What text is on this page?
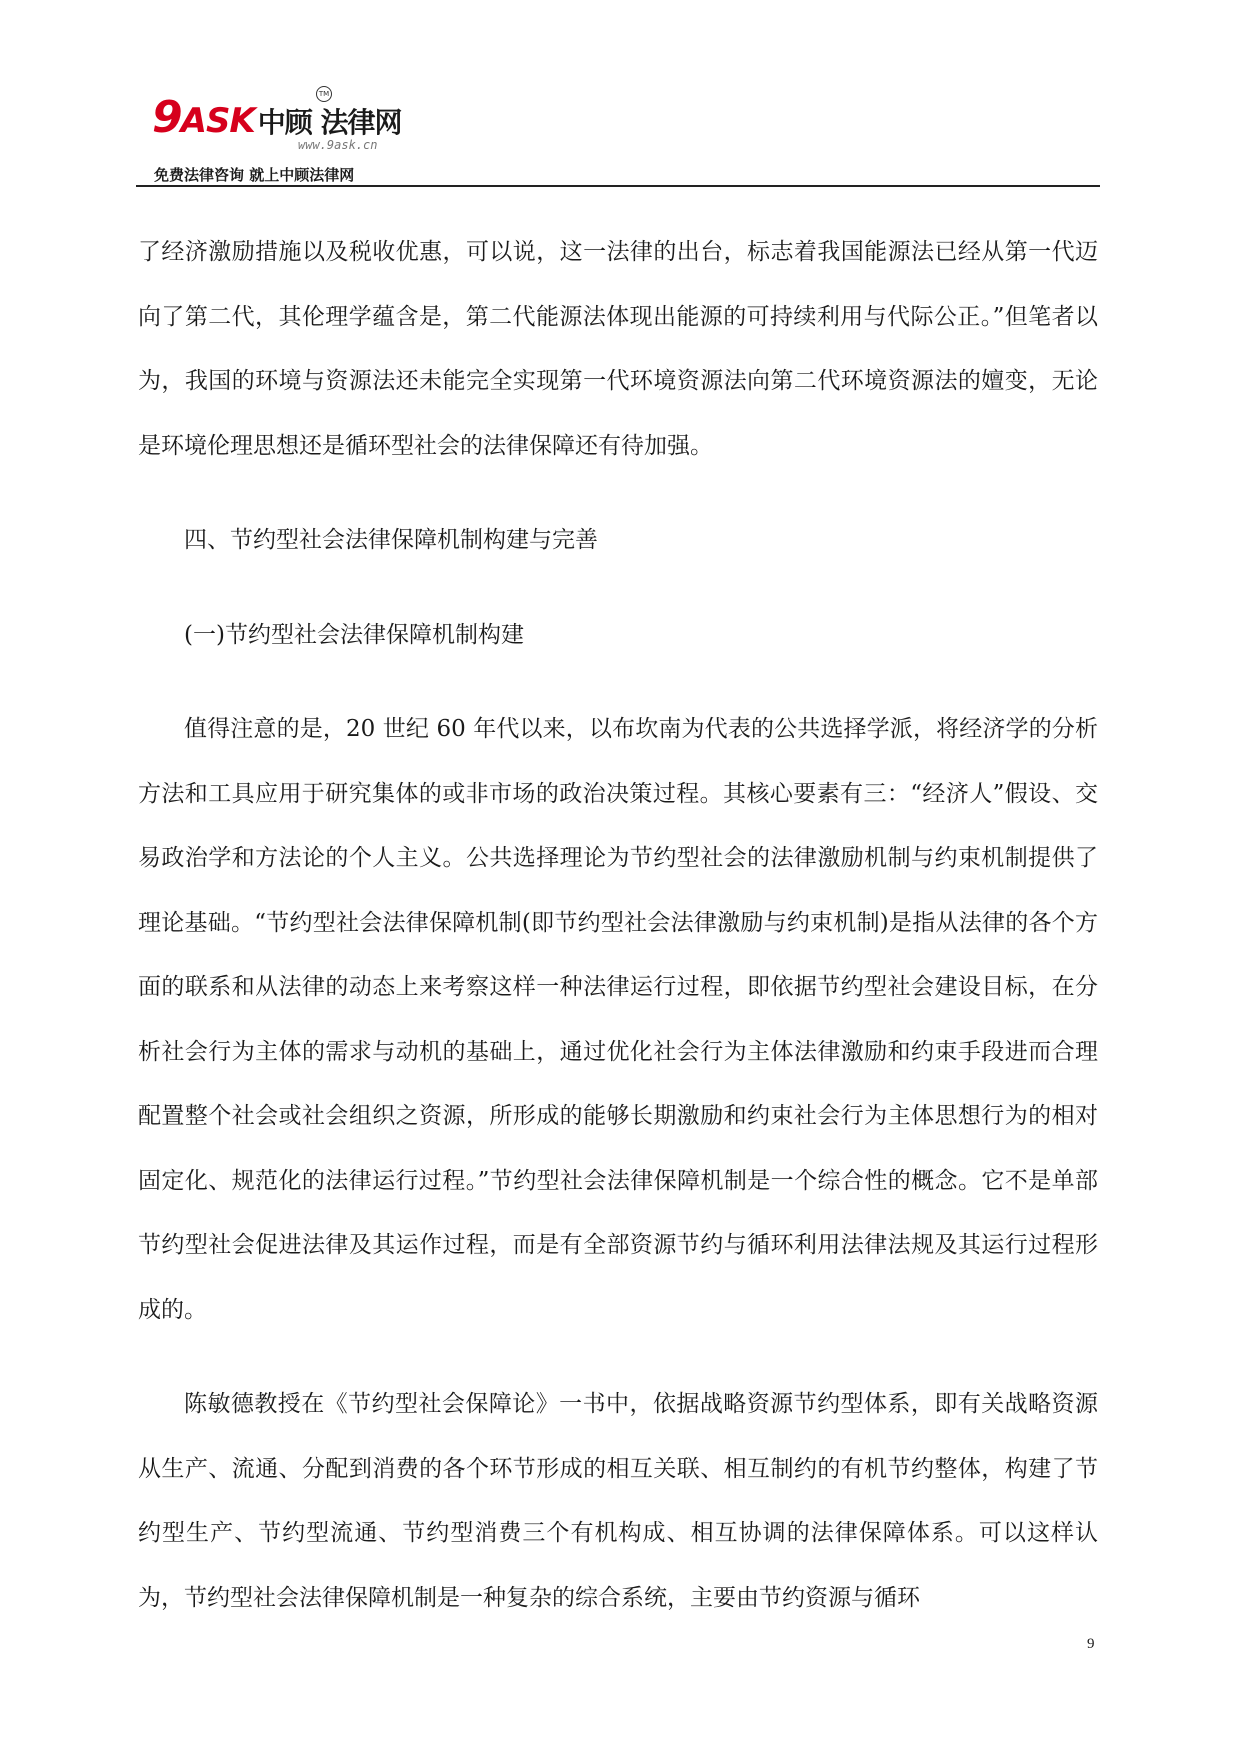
9ASK 中顾 法律网
TM
www.9ask.cn
免费法律咨询 就上中顾法律网

了经济激励措施以及税收优惠，可以说，这一法律的出台，标志着我国能源法已经从第一代迈向了第二代，其伦理学蕴含是，第二代能源法体现出能源的可持续利用与代际公正。”但笔者以为，我国的环境与资源法还未能完全实现第一代环境资源法向第二代环境资源法的嬗变，无论是环境伦理思想还是循环型社会的法律保障还有待加强。

四、节约型社会法律保障机制构建与完善

(一)节约型社会法律保障机制构建

值得注意的是，20 世纪 60 年代以来，以布坎南为代表的公共选择学派，将经济学的分析方法和工具应用于研究集体的或非市场的政治决策过程。其核心要素有三：“经济人”假设、交易政治学和方法论的个人主义。公共选择理论为节约型社会的法律激励机制与约束机制提供了理论基础。“节约型社会法律保障机制(即节约型社会法律激励与约束机制)是指从法律的各个方面的联系和从法律的动态上来考察这样一种法律运行过程，即依据节约型社会建设目标，在分析社会行为主体的需求与动机的基础上，通过优化社会行为主体法律激励和约束手段进而合理配置整个社会或社会组织之资源，所形成的能够长期激励和约束社会行为主体思想行为的相对固定化、规范化的法律运行过程。”节约型社会法律保障机制是一个综合性的概念。它不是单部节约型社会促进法律及其运作过程，而是有全部资源节约与循环利用法律法规及其运行过程形成的。

陈敏德教授在《节约型社会保障论》一书中，依据战略资源节约型体系，即有关战略资源从生产、流通、分配到消费的各个环节形成的相互关联、相互制约的有机节约整体，构建了节约型生产、节约型流通、节约型消费三个有机构成、相互协调的法律保障体系。可以这样认为，节约型社会法律保障机制是一种复杂的综合系统，主要由节约资源与循环

9
